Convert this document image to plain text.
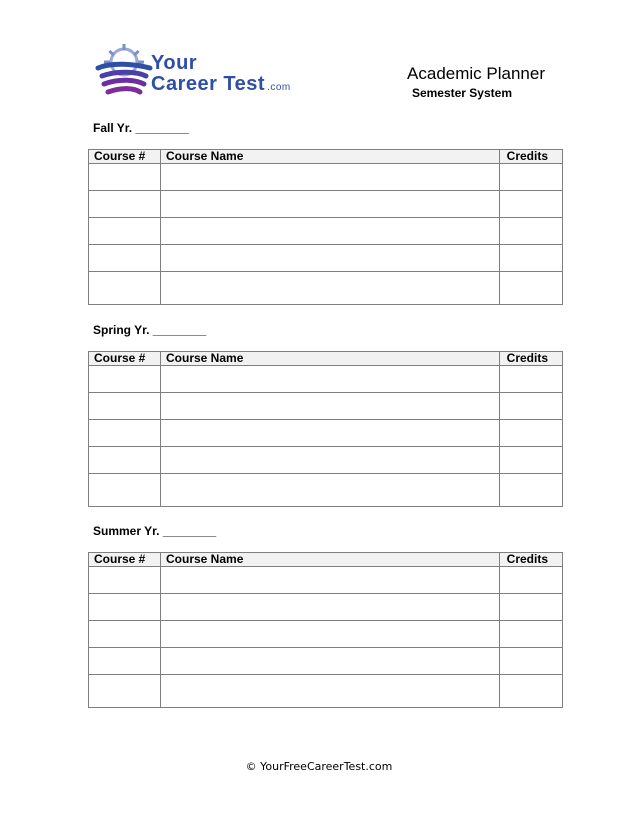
Your
Career Test .com
Academic Planner
Semester System
Fall Yr. ________
Course #	Course Name	Credits

Spring Yr. ________
Course #	Course Name	Credits

Summer Yr. ________
Course #	Course Name	Credits

© YourFreeCareerTest.com
